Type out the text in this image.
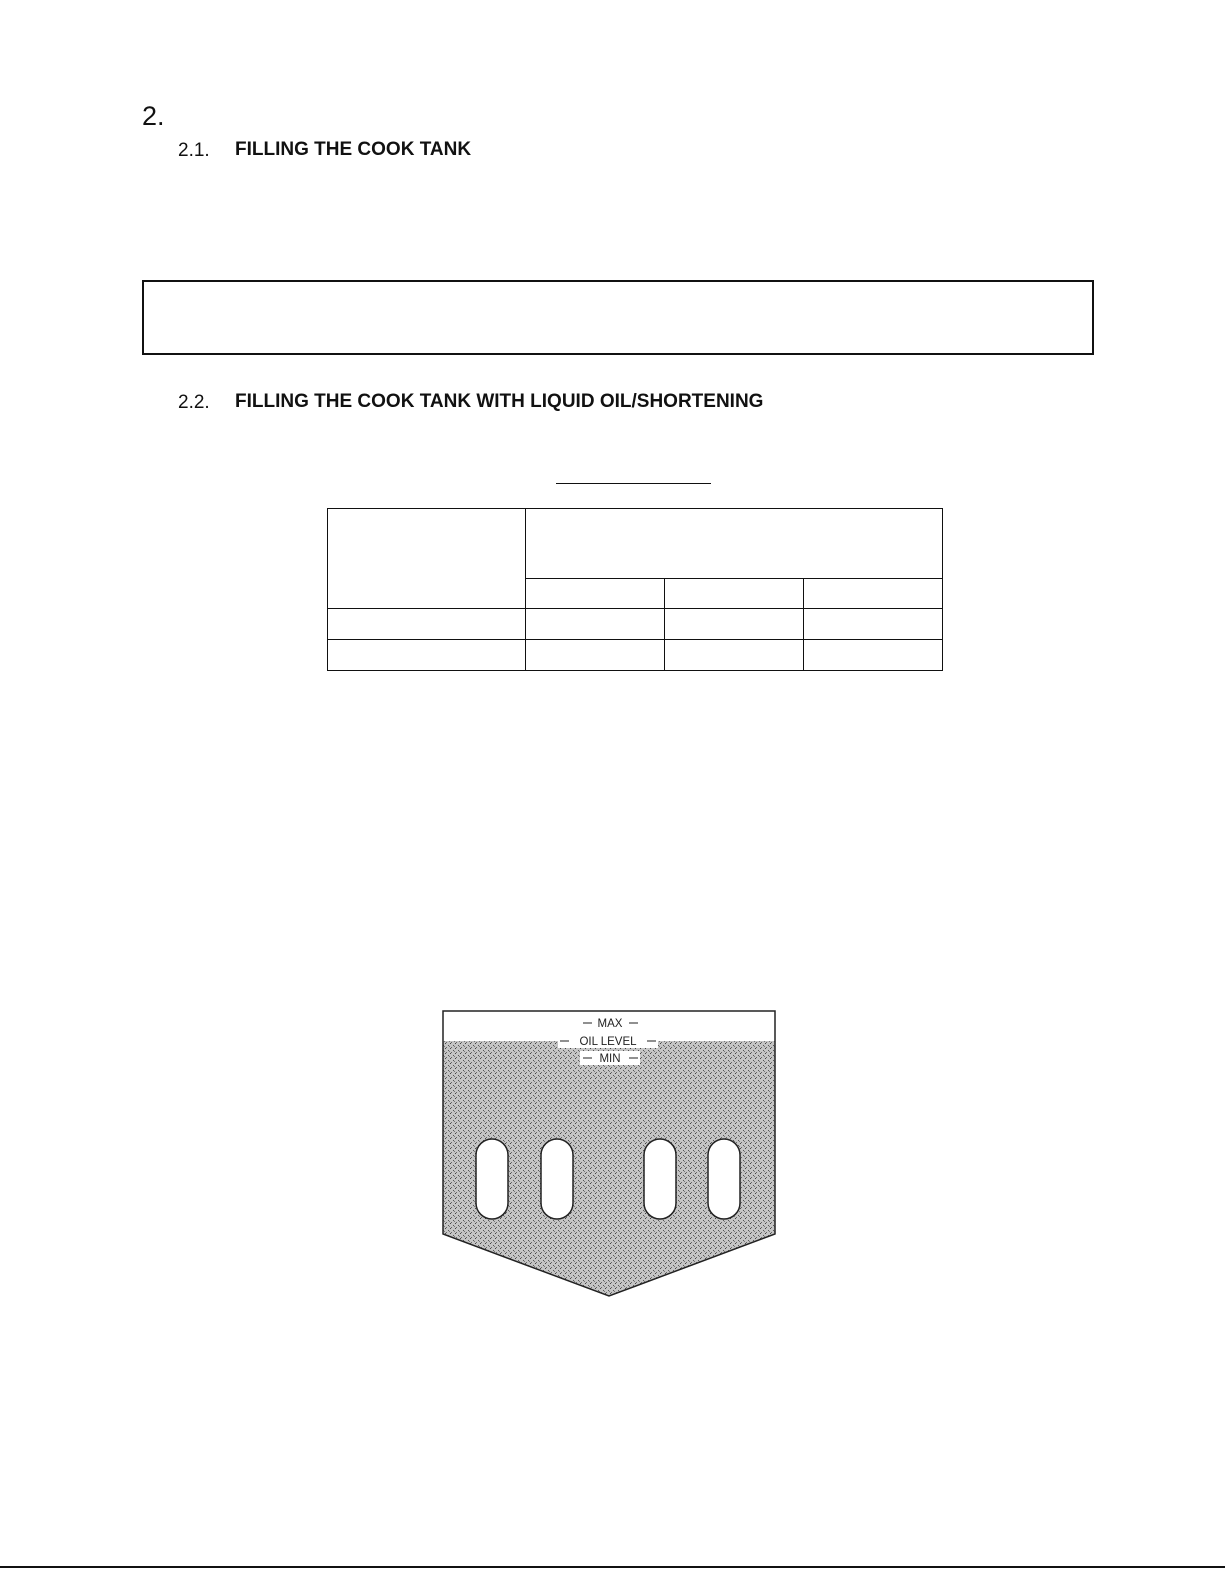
2.
2.1. FILLING THE COOK TANK
2.2. FILLING THE COOK TANK WITH LIQUID OIL/SHORTENING

MAX
OIL LEVEL
MIN
